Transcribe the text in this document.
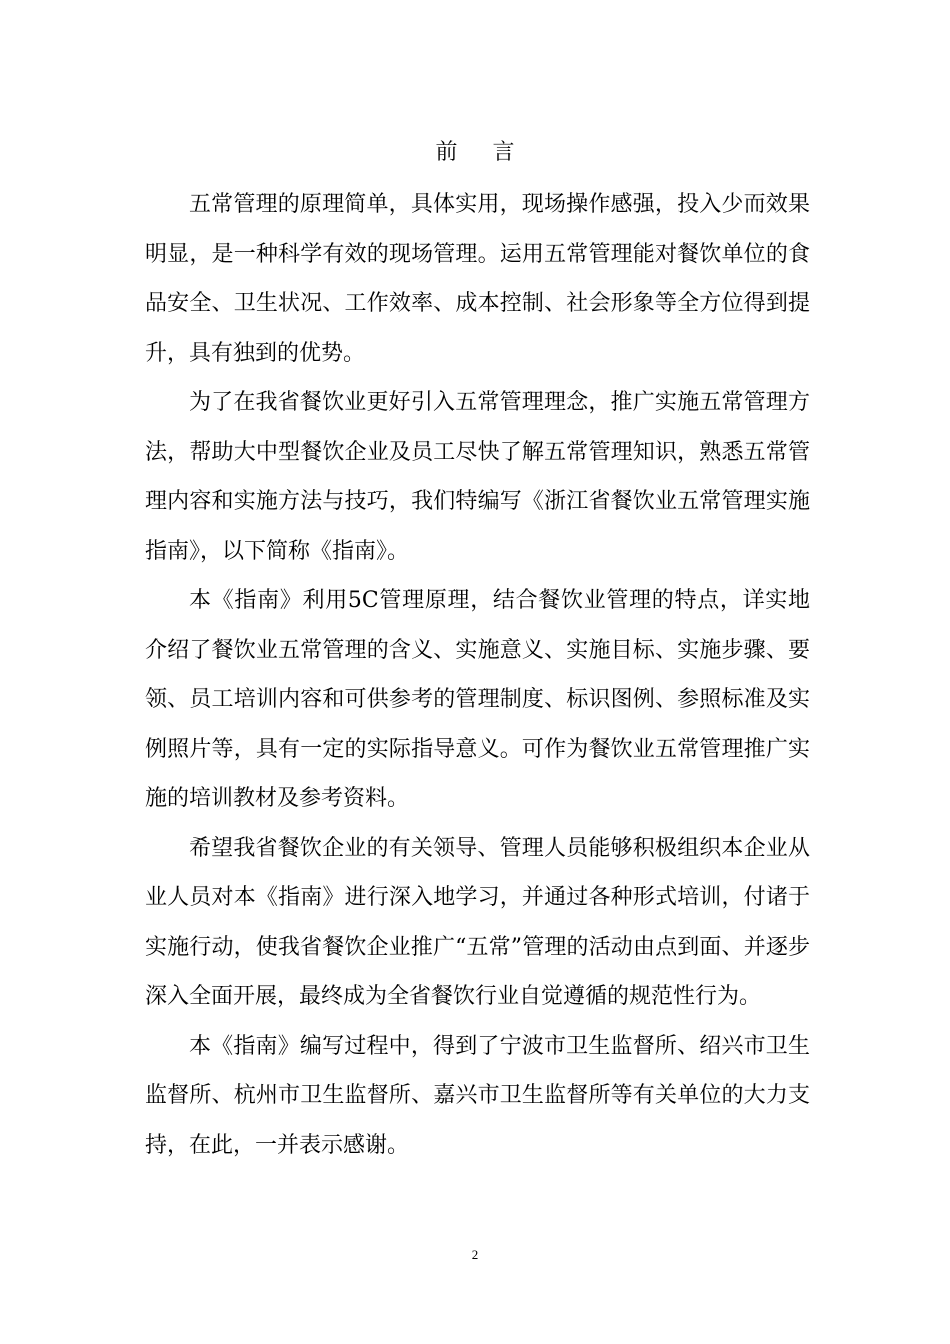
前 言

五常管理的原理简单，具体实用，现场操作感强，投入少而效果明显，是一种科学有效的现场管理。运用五常管理能对餐饮单位的食品安全、卫生状况、工作效率、成本控制、社会形象等全方位得到提升，具有独到的优势。

为了在我省餐饮业更好引入五常管理理念，推广实施五常管理方法，帮助大中型餐饮企业及员工尽快了解五常管理知识，熟悉五常管理内容和实施方法与技巧，我们特编写《浙江省餐饮业五常管理实施指南》，以下简称《指南》。

本《指南》利用5C管理原理，结合餐饮业管理的特点，详实地介绍了餐饮业五常管理的含义、实施意义、实施目标、实施步骤、要领、员工培训内容和可供参考的管理制度、标识图例、参照标准及实例照片等，具有一定的实际指导意义。可作为餐饮业五常管理推广实施的培训教材及参考资料。

希望我省餐饮企业的有关领导、管理人员能够积极组织本企业从业人员对本《指南》进行深入地学习，并通过各种形式培训，付诸于实施行动，使我省餐饮企业推广“五常”管理的活动由点到面、并逐步深入全面开展，最终成为全省餐饮行业自觉遵循的规范性行为。

本《指南》编写过程中，得到了宁波市卫生监督所、绍兴市卫生监督所、杭州市卫生监督所、嘉兴市卫生监督所等有关单位的大力支持，在此，一并表示感谢。

2
